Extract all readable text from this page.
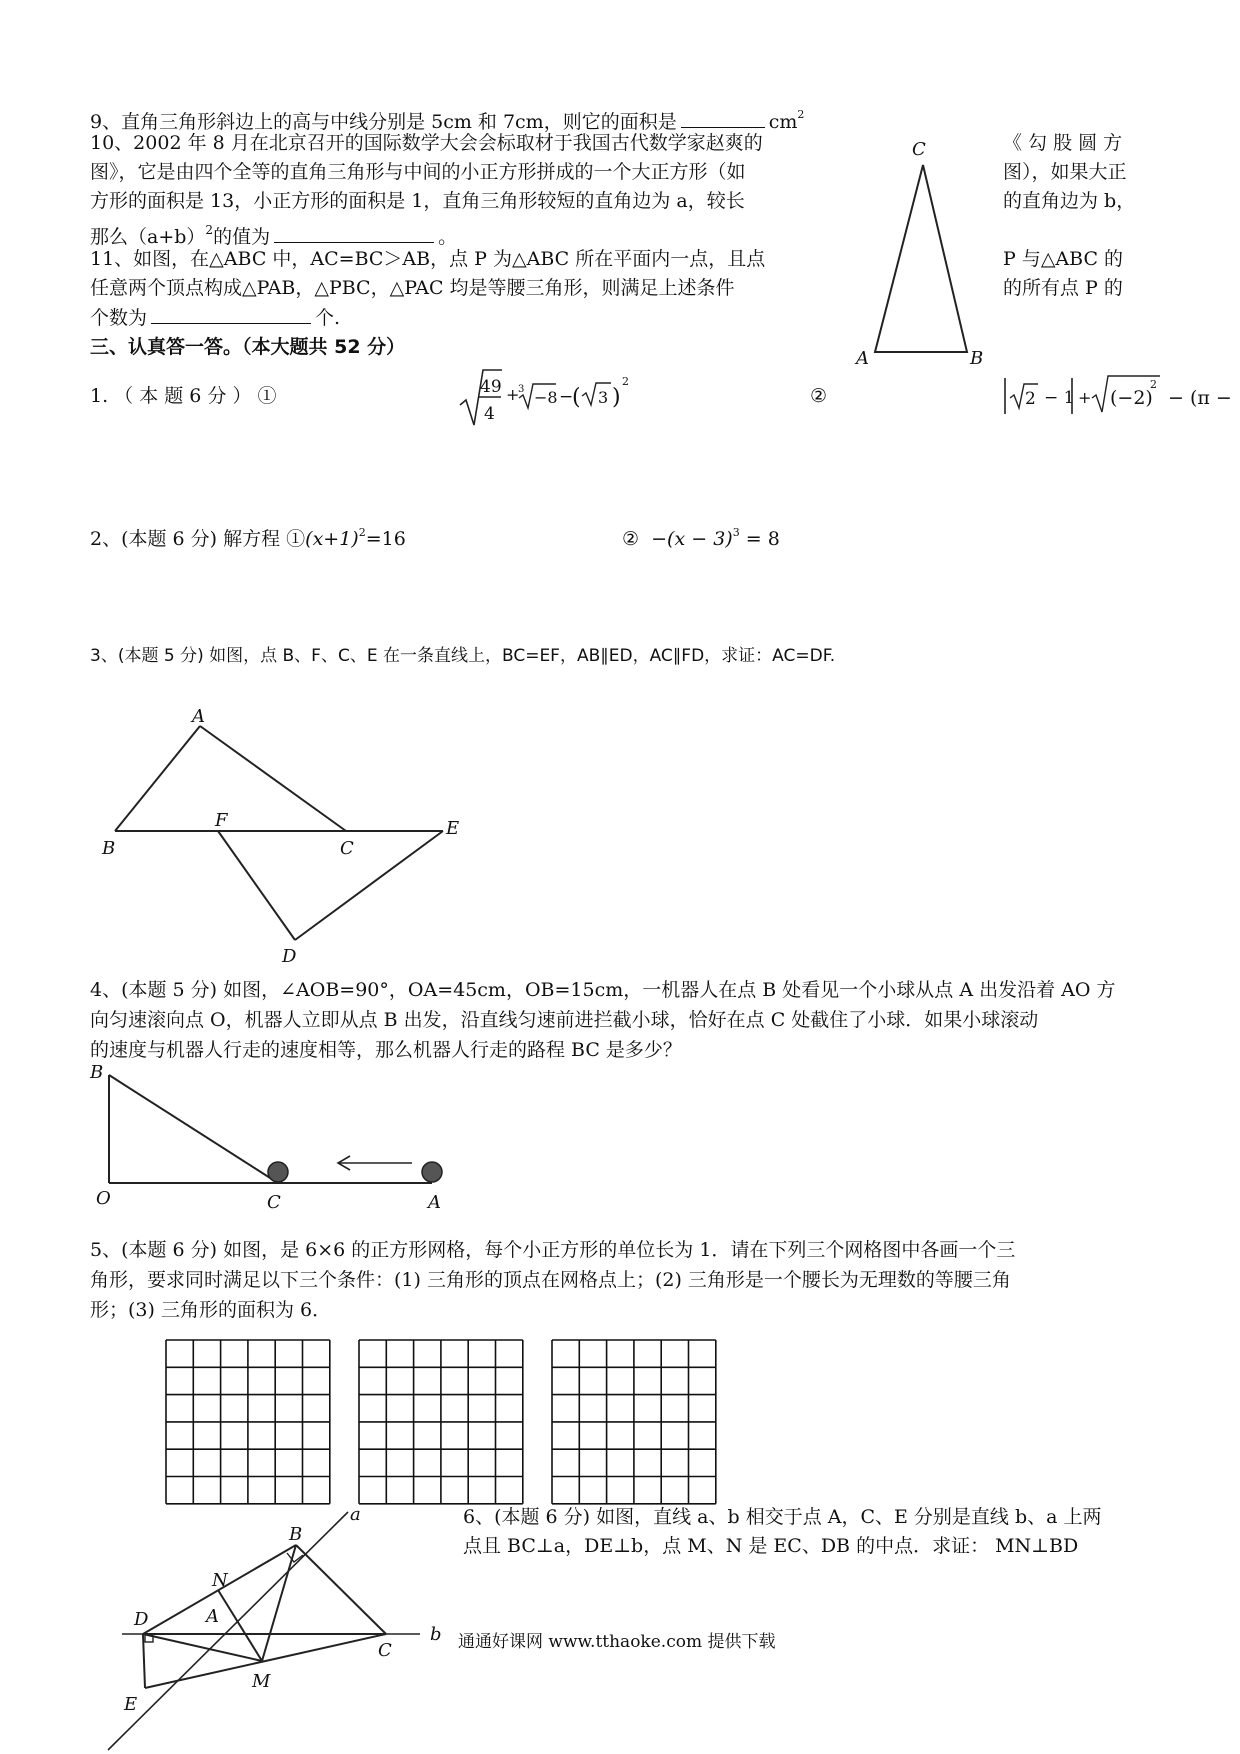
9、直角三角形斜边上的高与中线分别是 5cm 和 7cm，则它的面积是	$cm^2$
10、2002 年 8 月在北京召开的国际数学大会会标取材于我国古代数学家赵爽的	《 勾 股 圆 方
图》，它是由四个全等的直角三角形与中间的小正方形拼成的一个大正方形（如	图），如果大正
方形的面积是 13，小正方形的面积是 1，直角三角形较短的直角边为 a，较长	的直角边为 b，
那么$(a+b)^2$的值为	。
11、如图，在△ABC 中，AC=BC＞AB，点 P 为△ABC 所在平面内一点，且点	P 与△ABC 的
任意两个顶点构成△PAB，△PBC，△PAC 均是等腰三角形，则满足上述条件	的所有点 P 的
个数为	个.
C
A	B
三、认真答一答。（本大题共 52 分）
1. （ 本 题 6 分 ） ①	49
4
+
3 −8 −
( 3 )
2
②	2 − 1 + (−2)
2
− (π −
2、(本题 6 分) 解方程 $①(x+1)^2=16$	② $-(x - 3)^3 = 8$
3、(本题 5 分) 如图，点 B、F、C、E 在一条直线上，BC=EF，AB∥ED，AC∥FD，求证：AC=DF.
A
B
F
C
E
D
4、(本题 5 分) 如图，∠AOB=90°，OA=45cm，OB=15cm，一机器人在点 B 处看见一个小球从点 A 出发沿着 AO 方
向匀速滚向点 O，机器人立即从点 B 出发，沿直线匀速前进拦截小球，恰好在点 C 处截住了小球．如果小球滚动
的速度与机器人行走的速度相等，那么机器人行走的路程 BC 是多少？
B
O	C	A
5、(本题 6 分) 如图，是 6×6 的正方形网格，每个小正方形的单位长为 1．请在下列三个网格图中各画一个三
角形，要求同时满足以下三个条件：(1) 三角形的顶点在网格点上；(2) 三角形是一个腰长为无理数的等腰三角
形；(3) 三角形的面积为 6．
6、(本题 6 分) 如图，直线 a、b 相交于点 A，C、E 分别是直线 b、a 上两
点且 BC⊥a，DE⊥b，点 M、N 是 EC、DB 的中点．求证： MN⊥BD
a
b
B
N
D	A
C
M
E
通通好课网 www.tthaoke.com 提供下载
